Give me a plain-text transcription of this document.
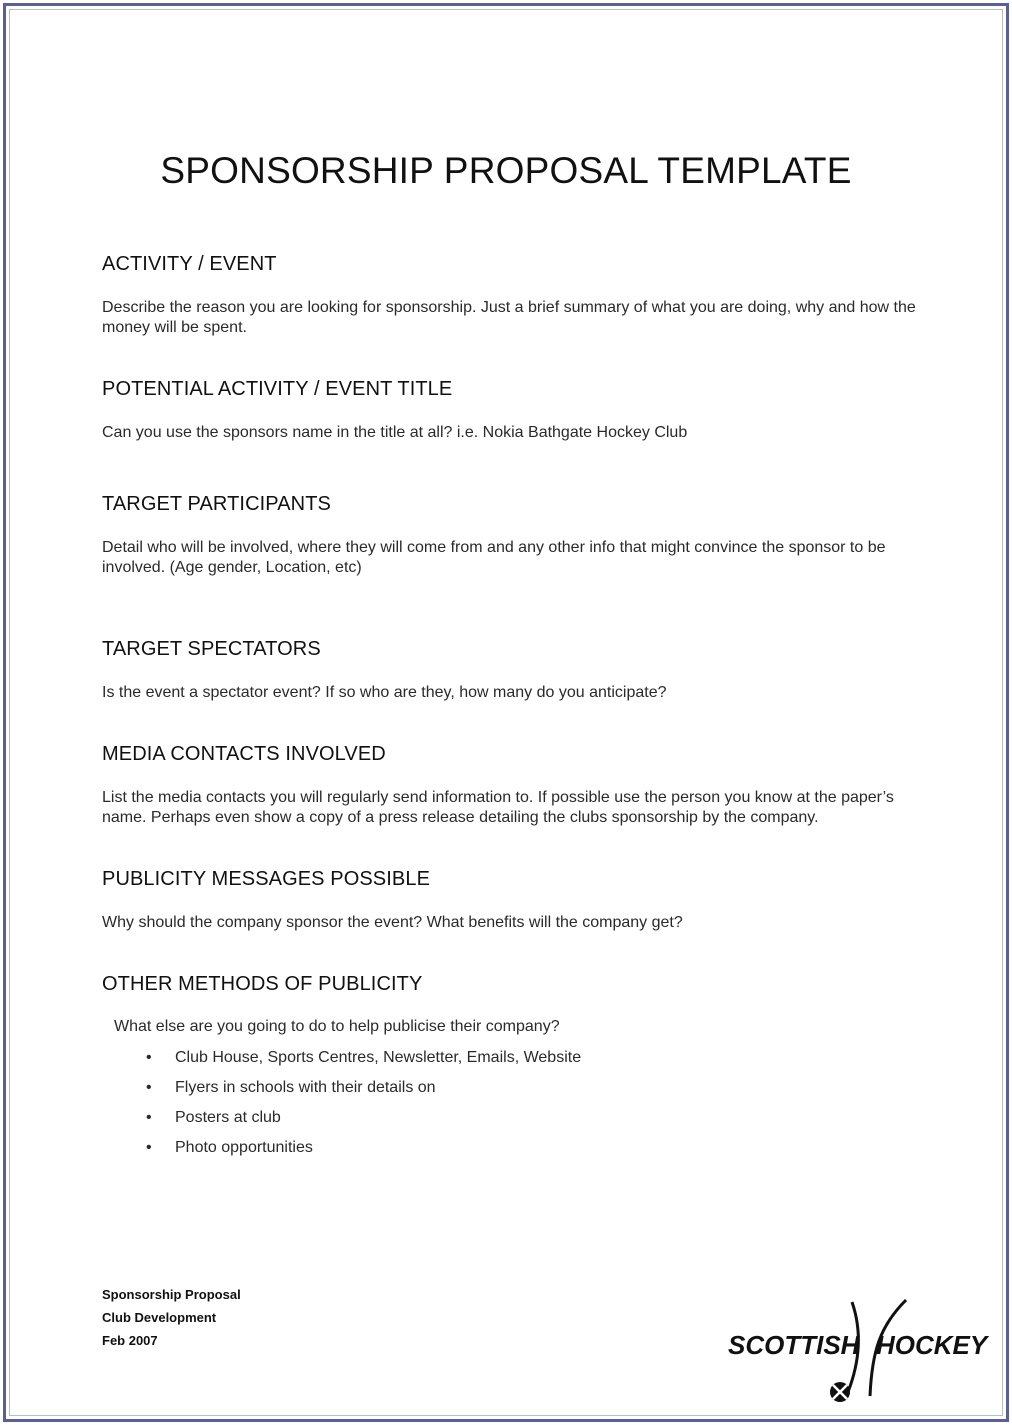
SPONSORSHIP PROPOSAL TEMPLATE
ACTIVITY / EVENT

Describe the reason you are looking for sponsorship. Just a brief summary of what you are doing, why and how the money will be spent.

POTENTIAL ACTIVITY / EVENT TITLE

Can you use the sponsors name in the title at all? i.e. Nokia Bathgate Hockey Club

TARGET PARTICIPANTS

Detail who will be involved, where they will come from and any other info that might convince the sponsor to be involved. (Age gender, Location, etc)

TARGET SPECTATORS

Is the event a spectator event? If so who are they, how many do you anticipate?

MEDIA CONTACTS INVOLVED

List the media contacts you will regularly send information to. If possible use the person you know at the paper’s name. Perhaps even show a copy of a press release detailing the clubs sponsorship by the company.

PUBLICITY MESSAGES POSSIBLE

Why should the company sponsor the event? What benefits will the company get?

OTHER METHODS OF PUBLICITY

What else are you going to do to help publicise their company?

• Club House, Sports Centres, Newsletter, Emails, Website
• Flyers in schools with their details on
• Posters at club
• Photo opportunities
Sponsorship Proposal
Club Development
Feb 2007	SCOTTISH HOCKEY
